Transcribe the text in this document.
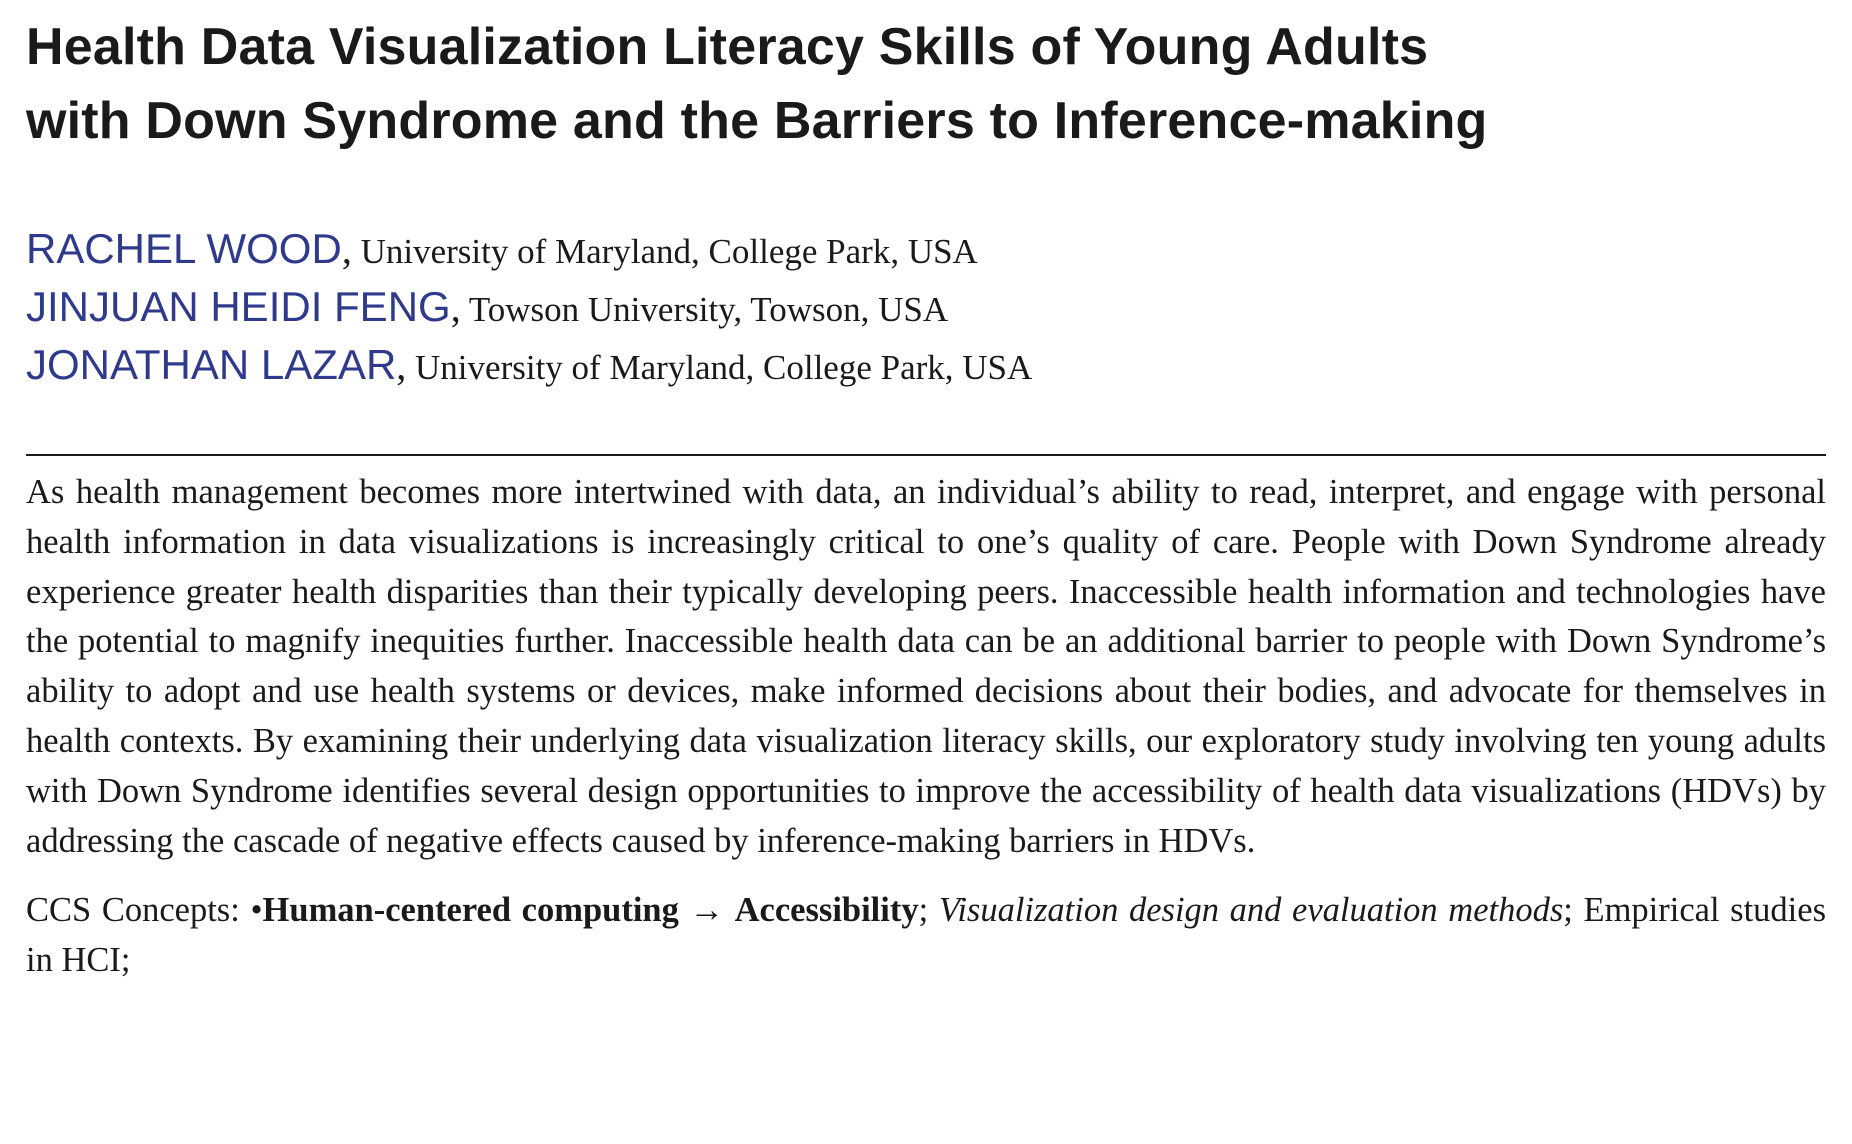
Health Data Visualization Literacy Skills of Young Adults
with Down Syndrome and the Barriers to Inference-making
RACHEL WOOD, University of Maryland, College Park, USA
JINJUAN HEIDI FENG, Towson University, Towson, USA
JONATHAN LAZAR, University of Maryland, College Park, USA

As health management becomes more intertwined with data, an individual’s ability to read, interpret, and engage with personal health information in data visualizations is increasingly critical to one’s quality of care. People with Down Syndrome already experience greater health disparities than their typically developing peers. Inaccessible health information and technologies have the potential to magnify inequities further. Inaccessible health data can be an additional barrier to people with Down Syndrome’s ability to adopt and use health systems or devices, make informed decisions about their bodies, and advocate for themselves in health contexts. By examining their underlying data visualization literacy skills, our exploratory study involving ten young adults with Down Syndrome identifies several design opportunities to improve the accessibility of health data visualizations (HDVs) by addressing the cascade of negative effects caused by inference-making barriers in HDVs.

CCS Concepts: •Human-centered computing → Accessibility; Visualization design and evaluation methods; Empirical studies in HCI;
